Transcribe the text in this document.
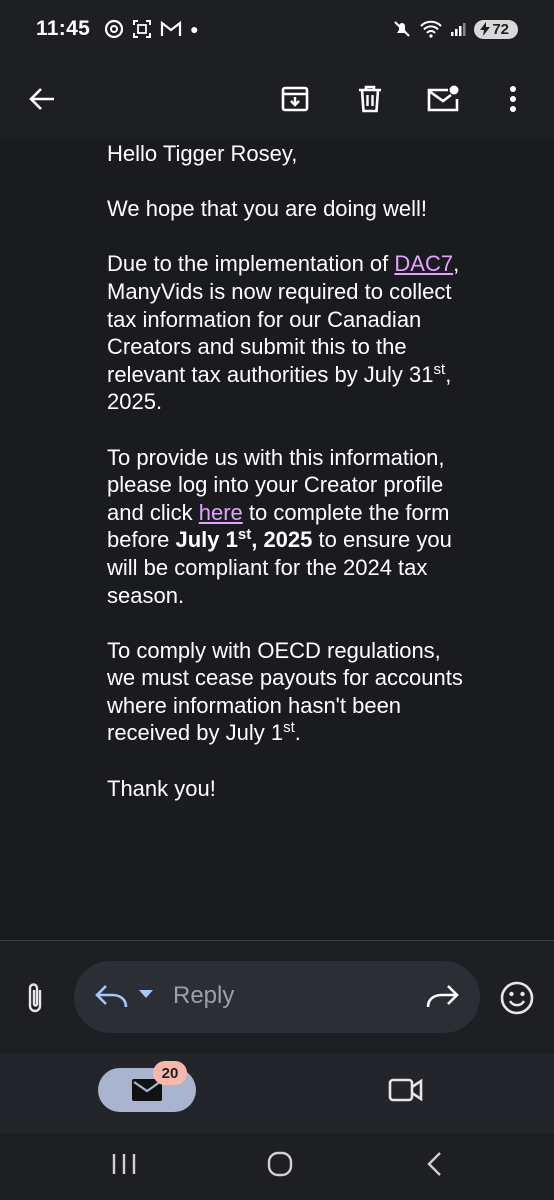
11:45	●	72

Hello Tigger Rosey,

We hope that you are doing well!

Due to the implementation of DAC7, ManyVids is now required to collect tax information for our Canadian Creators and submit this to the relevant tax authorities by July 31st, 2025.

To provide us with this information, please log into your Creator profile and click here to complete the form before July 1st, 2025 to ensure you will be compliant for the 2024 tax season.

To comply with OECD regulations, we must cease payouts for accounts where information hasn't been received by July 1st.

Thank you!

Reply
20
